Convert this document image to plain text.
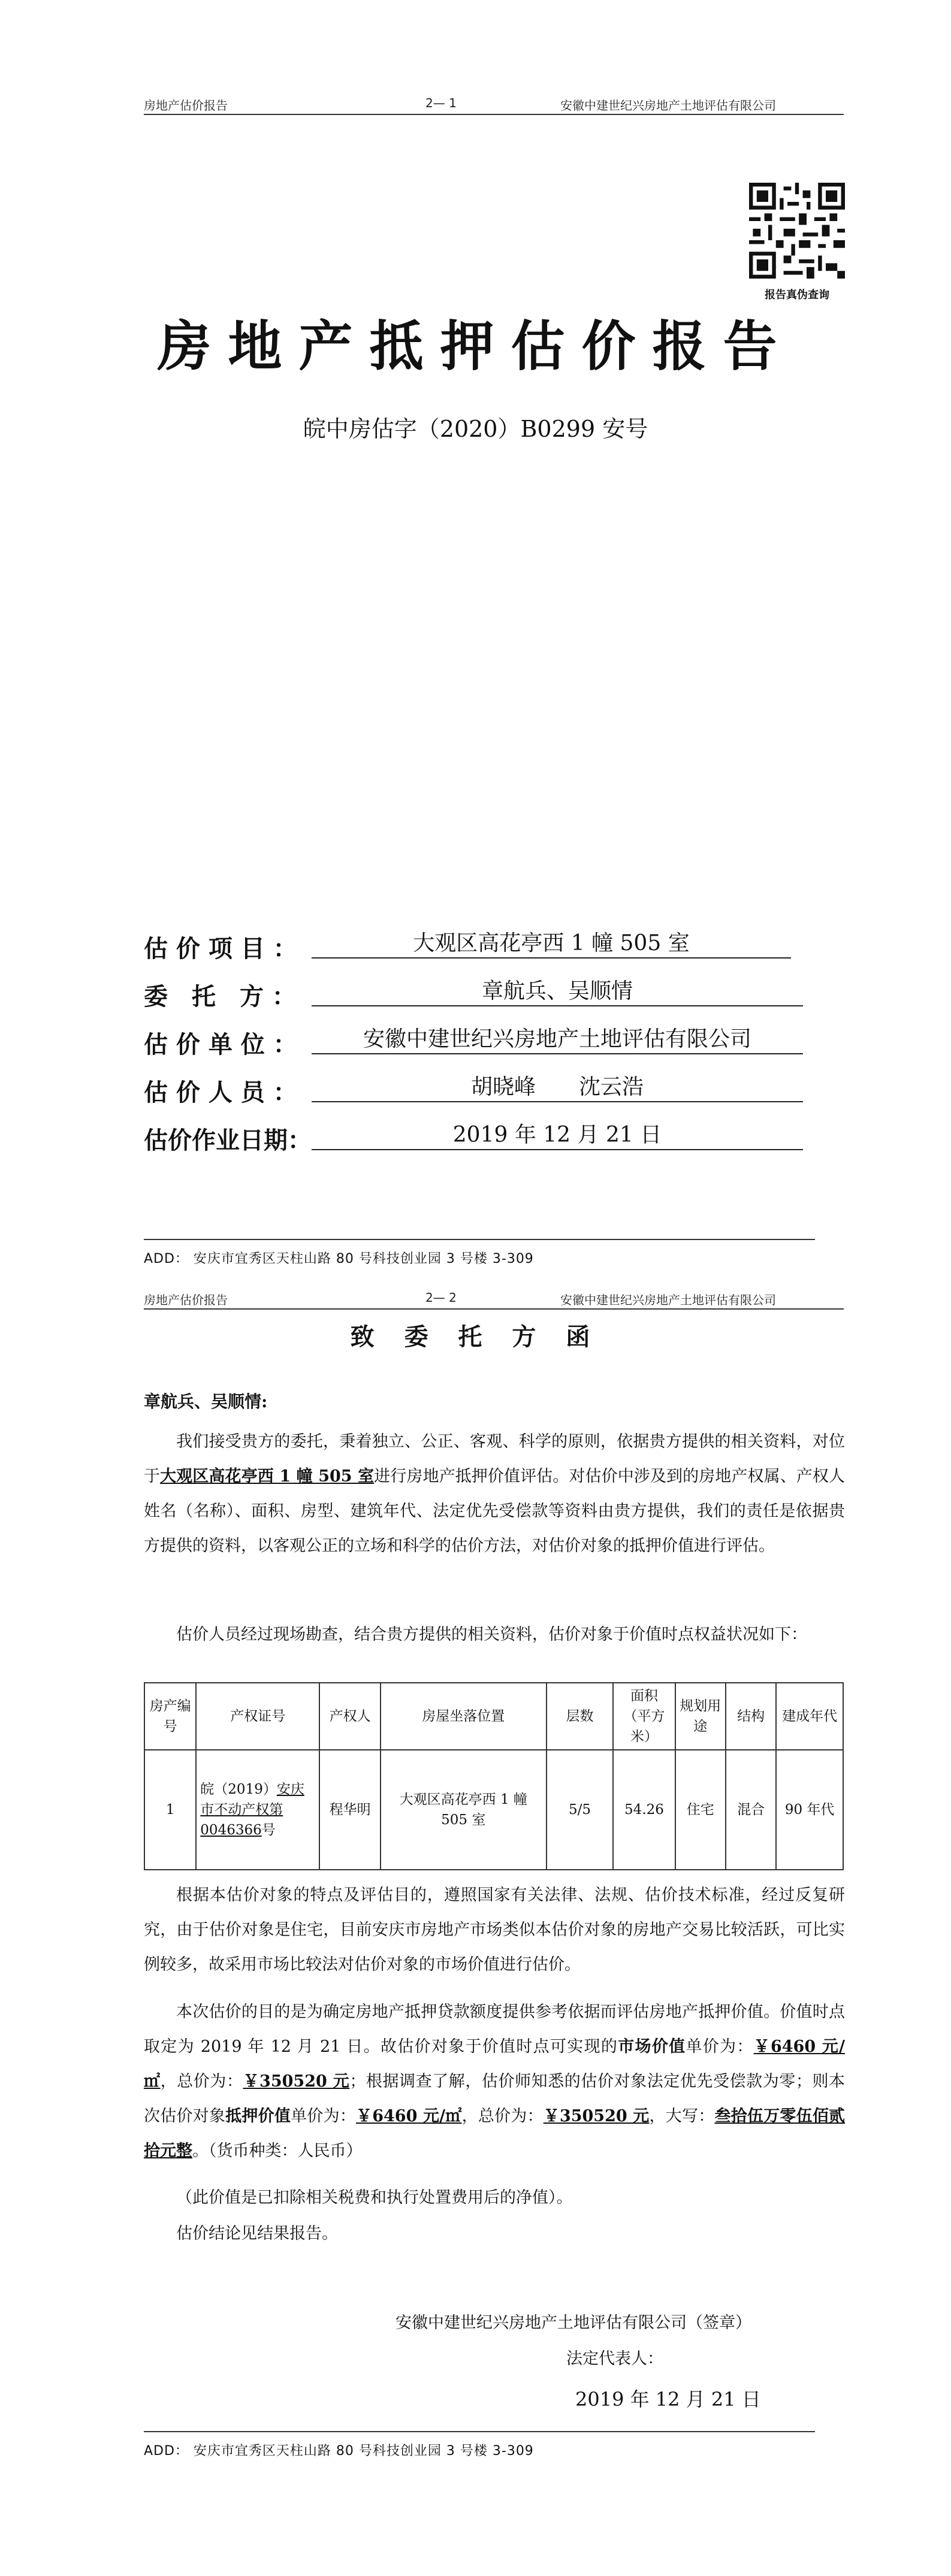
房地产估价报告	2— 1	安徽中建世纪兴房地产土地评估有限公司
报告真伪查询
房地产抵押估价报告
皖中房估字（2020）B0299 安号
估 价 项 目 ：	大观区高花亭西 1 幢 505 室
委　托　方 ：	章航兵、吴顺情
估 价 单 位 ：	安徽中建世纪兴房地产土地评估有限公司
估 价 人 员 ：	胡晓峰　　沈云浩
估价作业日期：	2019 年 12 月 21 日
ADD： 安庆市宜秀区天柱山路 80 号科技创业园 3 号楼 3-309
房地产估价报告	2— 2	安徽中建世纪兴房地产土地评估有限公司
致 委 托 方 函
章航兵、吴顺情:
我们接受贵方的委托，秉着独立、公正、客观、科学的原则，依据贵方提供的相关资料，对位于大观区高花亭西 1 幢 505 室进行房地产抵押价值评估。对估价中涉及到的房地产权属、产权人姓名（名称）、面积、房型、建筑年代、法定优先受偿款等资料由贵方提供，我们的责任是依据贵方提供的资料，以客观公正的立场和科学的估价方法，对估价对象的抵押价值进行评估。
估价人员经过现场勘查，结合贵方提供的相关资料，估价对象于价值时点权益状况如下：
房产编号	产权证号	产权人	房屋坐落位置	层数	面积（平方米）	规划用途	结构	建成年代
1	皖（2019）安庆市不动产权第 0046366号	程华明	大观区高花亭西 1 幢 505 室	5/5	54.26	住宅	混合	90 年代
根据本估价对象的特点及评估目的，遵照国家有关法律、法规、估价技术标准，经过反复研究，由于估价对象是住宅，目前安庆市房地产市场类似本估价对象的房地产交易比较活跃，可比实例较多，故采用市场比较法对估价对象的市场价值进行估价。
本次估价的目的是为确定房地产抵押贷款额度提供参考依据而评估房地产抵押价值。价值时点取定为 2019 年 12 月 21 日。故估价对象于价值时点可实现的市场价值单价为：￥6460 元/㎡，总价为：￥350520 元；根据调查了解，估价师知悉的估价对象法定优先受偿款为零；则本次估价对象抵押价值单价为：￥6460 元/㎡，总价为：￥350520 元，大写：叁拾伍万零伍佰贰拾元整。（货币种类：人民币）
（此价值是已扣除相关税费和执行处置费用后的净值）。
估价结论见结果报告。
安徽中建世纪兴房地产土地评估有限公司（签章）
法定代表人：
2019 年 12 月 21 日
ADD： 安庆市宜秀区天柱山路 80 号科技创业园 3 号楼 3-309
